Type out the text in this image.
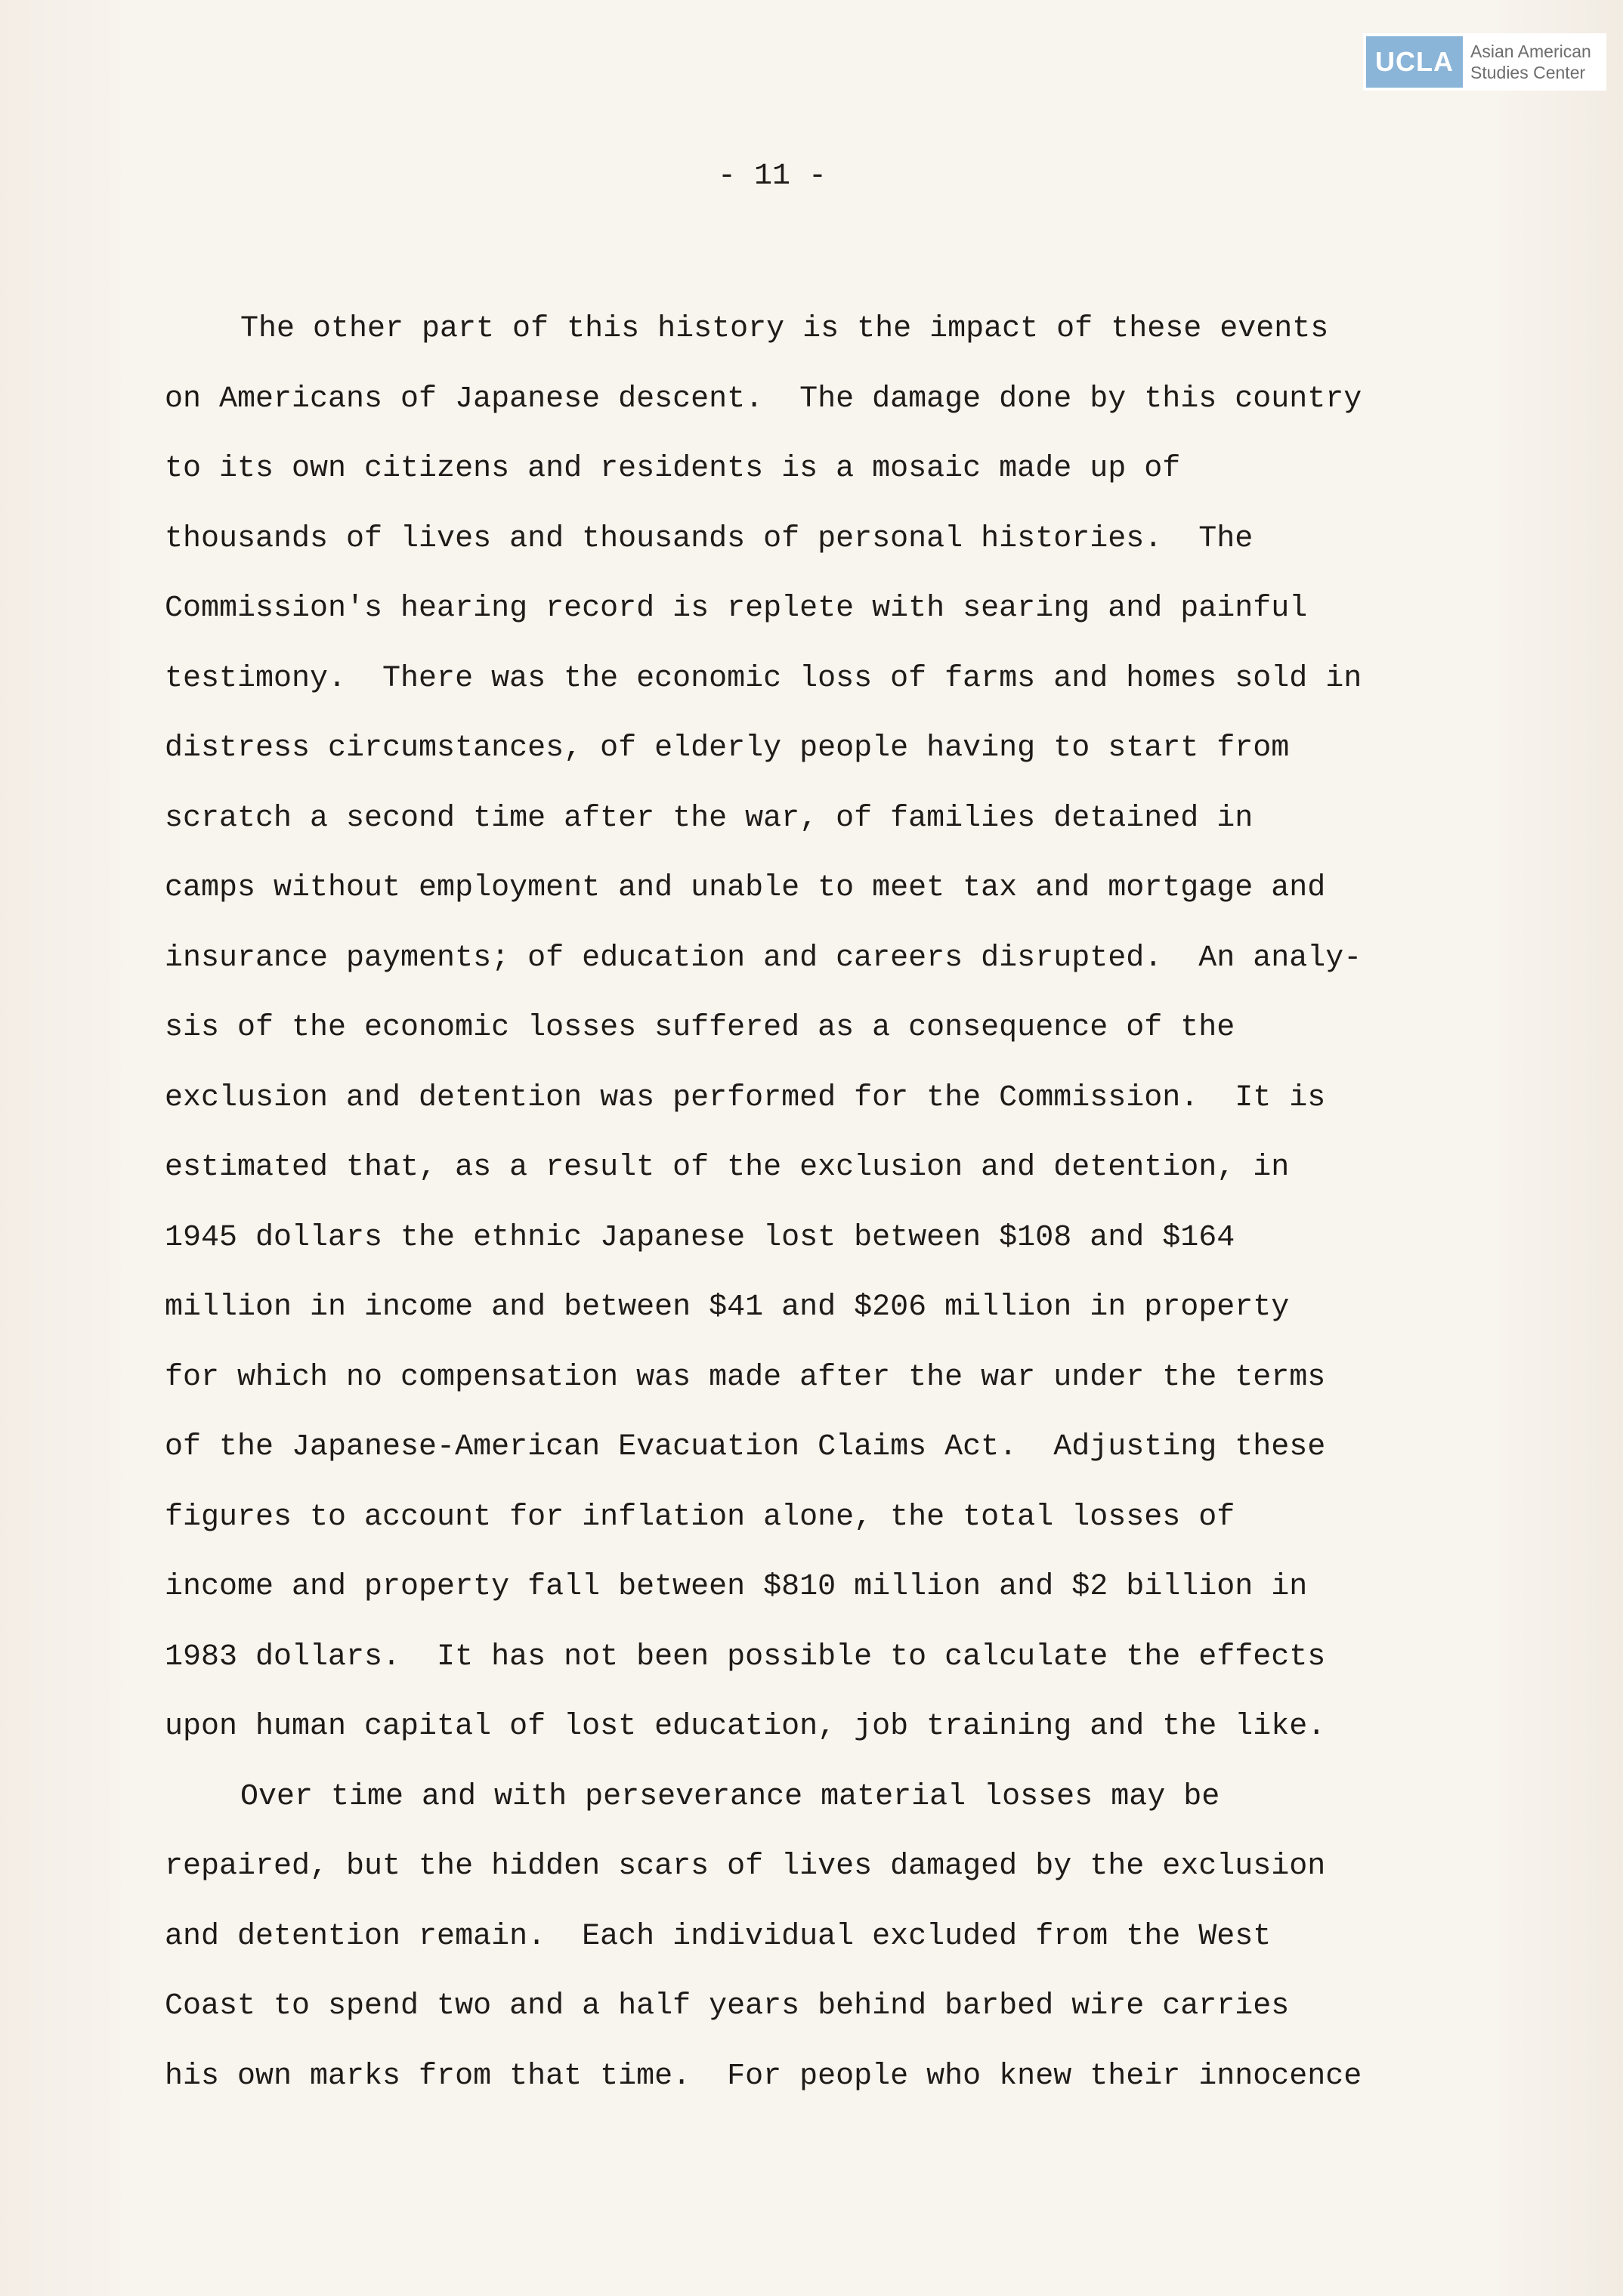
UCLA Asian American
Studies Center
- 11 -
The other part of this history is the impact of these events
on Americans of Japanese descent.  The damage done by this country
to its own citizens and residents is a mosaic made up of
thousands of lives and thousands of personal histories.  The
Commission's hearing record is replete with searing and painful
testimony.  There was the economic loss of farms and homes sold in
distress circumstances, of elderly people having to start from
scratch a second time after the war, of families detained in
camps without employment and unable to meet tax and mortgage and
insurance payments; of education and careers disrupted.  An analy-
sis of the economic losses suffered as a consequence of the
exclusion and detention was performed for the Commission.  It is
estimated that, as a result of the exclusion and detention, in
1945 dollars the ethnic Japanese lost between $108 and $164
million in income and between $41 and $206 million in property
for which no compensation was made after the war under the terms
of the Japanese-American Evacuation Claims Act.  Adjusting these
figures to account for inflation alone, the total losses of
income and property fall between $810 million and $2 billion in
1983 dollars.  It has not been possible to calculate the effects
upon human capital of lost education, job training and the like.
Over time and with perseverance material losses may be
repaired, but the hidden scars of lives damaged by the exclusion
and detention remain.  Each individual excluded from the West
Coast to spend two and a half years behind barbed wire carries
his own marks from that time.  For people who knew their innocence
